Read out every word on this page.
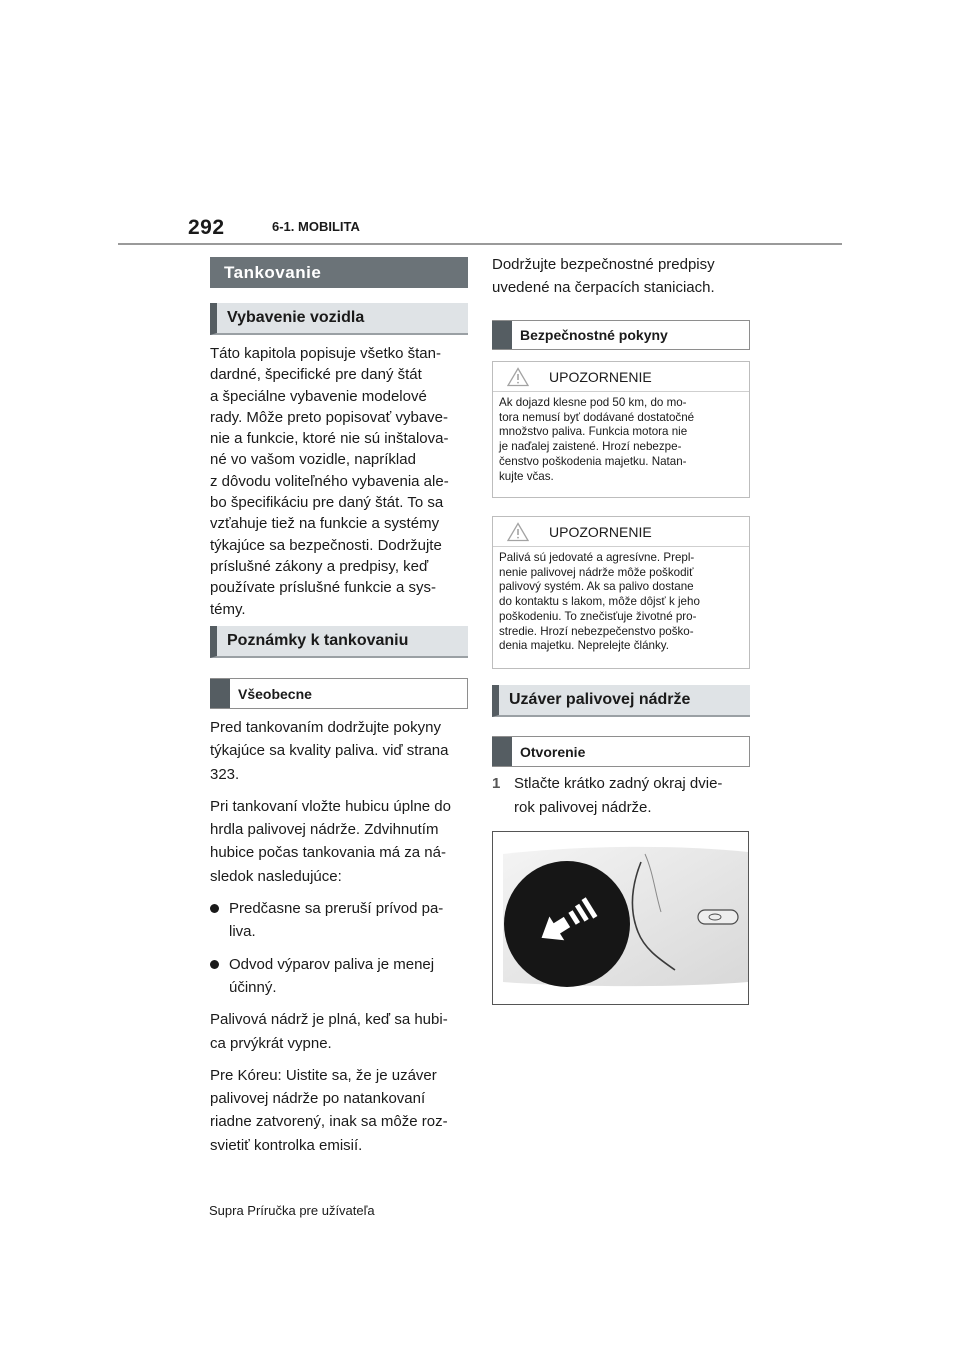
292	6-1. MOBILITA
Tankovanie
Vybavenie vozidla

Táto kapitola popisuje všetko štan-

dardné, špecifické pre daný štát

a špeciálne vybavenie modelové

rady. Môže preto popisovať vybave-

nie a funkcie, ktoré nie sú inštalova-

né vo vašom vozidle, napríklad

z dôvodu voliteľného vybavenia ale-

bo špecifikáciu pre daný štát. To sa

vzťahuje tiež na funkcie a systémy

týkajúce sa bezpečnosti. Dodržujte

príslušné zákony a predpisy, keď

používate príslušné funkcie a sys-

témy.

Poznámky k tankovaniu
Všeobecne

Pred tankovaním dodržujte pokyny

týkajúce sa kvality paliva. viď strana

323.

Pri tankovaní vložte hubicu úplne do

hrdla palivovej nádrže. Zdvihnutím

hubice počas tankovania má za ná-

sledok nasledujúce:

Predčasne sa preruší prívod pa-

liva.

Odvod výparov paliva je menej

účinný.

Palivová nádrž je plná, keď sa hubi-

ca prvýkrát vypne.

Pre Kóreu: Uistite sa, že je uzáver

palivovej nádrže po natankovaní

riadne zatvorený, inak sa môže roz-

svietiť kontrolka emisií.

Dodržujte bezpečnostné predpisy

uvedené na čerpacích staniciach.

Bezpečnostné pokyny
UPOZORNENIE
Ak dojazd klesne pod 50 km, do mo-
tora nemusí byť dodávané dostatočné
množstvo paliva. Funkcia motora nie
je naďalej zaistené. Hrozí nebezpe-
čenstvo poškodenia majetku. Natan-
kujte včas.
UPOZORNENIE
Palivá sú jedovaté a agresívne. Prepl-
nenie palivovej nádrže môže poškodiť
palivový systém. Ak sa palivo dostane
do kontaktu s lakom, môže dôjsť k jeho
poškodeniu. To znečisťuje životné pro-
stredie. Hrozí nebezpečenstvo poško-
denia majetku. Neprelejte články.
Uzáver palivovej nádrže
Otvorenie
1 Stlačte krátko zadný okraj dvie-
rok palivovej nádrže.
Supra Príručka pre užívateľa
